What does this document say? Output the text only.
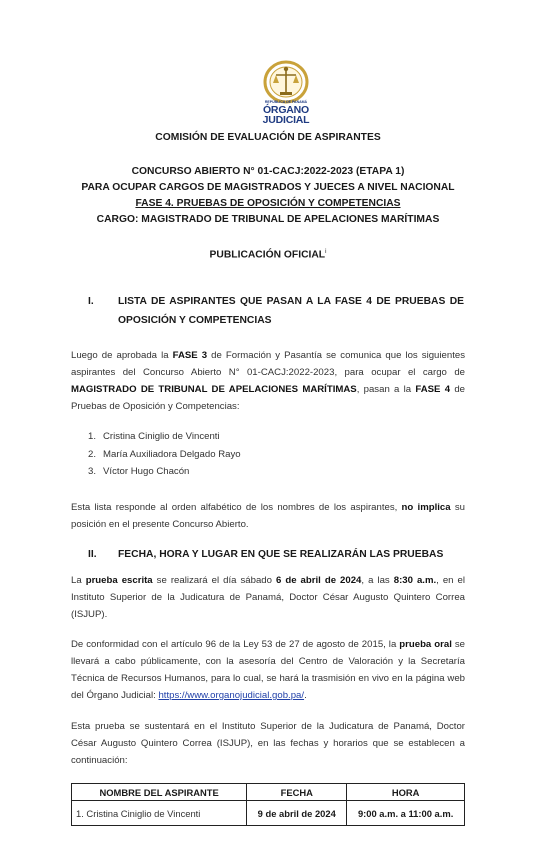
REPÚBLICA DE PANAMÁ
ÓRGANO
JUDICIAL
COMISIÓN DE EVALUACIÓN DE ASPIRANTES
CONCURSO ABIERTO N° 01-CACJ:2022-2023 (ETAPA 1)
PARA OCUPAR CARGOS DE MAGISTRADOS Y JUECES A NIVEL NACIONAL
FASE 4. PRUEBAS DE OPOSICIÓN Y COMPETENCIAS
CARGO: MAGISTRADO DE TRIBUNAL DE APELACIONES MARÍTIMAS
PUBLICACIÓN OFICIAL$^i$
I. LISTA DE ASPIRANTES QUE PASAN A LA FASE 4 DE PRUEBAS DE OPOSICIÓN Y COMPETENCIAS
Luego de aprobada la FASE 3 de Formación y Pasantía se comunica que los siguientes aspirantes del Concurso Abierto N° 01-CACJ:2022-2023, para ocupar el cargo de MAGISTRADO DE TRIBUNAL DE APELACIONES MARÍTIMAS, pasan a la FASE 4 de Pruebas de Oposición y Competencias:
1. Cristina Ciniglio de Vincenti
2. María Auxiliadora Delgado Rayo
3. Víctor Hugo Chacón
Esta lista responde al orden alfabético de los nombres de los aspirantes, no implica su posición en el presente Concurso Abierto.
II. FECHA, HORA Y LUGAR EN QUE SE REALIZARÁN LAS PRUEBAS
La prueba escrita se realizará el día sábado 6 de abril de 2024, a las 8:30 a.m., en el Instituto Superior de la Judicatura de Panamá, Doctor César Augusto Quintero Correa (ISJUP).
De conformidad con el artículo 96 de la Ley 53 de 27 de agosto de 2015, la prueba oral se llevará a cabo públicamente, con la asesoría del Centro de Valoración y la Secretaría Técnica de Recursos Humanos, para lo cual, se hará la trasmisión en vivo en la página web del Órgano Judicial: https://www.organojudicial.gob.pa/.
Esta prueba se sustentará en el Instituto Superior de la Judicatura de Panamá, Doctor César Augusto Quintero Correa (ISJUP), en las fechas y horarios que se establecen a continuación:
NOMBRE DEL ASPIRANTE	FECHA	HORA
1. Cristina Ciniglio de Vincenti	9 de abril de 2024	9:00 a.m. a 11:00 a.m.
